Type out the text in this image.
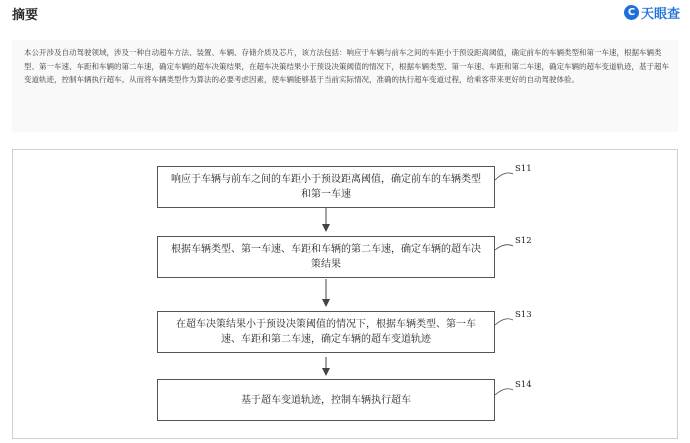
摘要	C 天眼查
本公开涉及自动驾驶领域，涉及一种自动超车方法、装置、车辆、存储介质及芯片，该方法包括：响应于车辆与前车之间的车距小于预设距离阈值，确定前车的车辆类型和第一车速，根据车辆类型、第一车速、车距和车辆的第二车速，确定车辆的超车决策结果，在超车决策结果小于预设决策阈值的情况下，根据车辆类型、第一车速、车距和第二车速，确定车辆的超车变道轨迹，基于超车变道轨迹，控制车辆执行超车。从而将车辆类型作为算法的必要考虑因素，使车辆能够基于当前实际情况，准确的执行超车变道过程，给乘客带来更好的自动驾驶体验。
响应于车辆与前车之间的车距小于预设距离阈值，确定前车的车辆类型和第一车速
S11
根据车辆类型、第一车速、车距和车辆的第二车速，确定车辆的超车决策结果
S12
在超车决策结果小于预设决策阈值的情况下，根据车辆类型、第一车速、车距和第二车速，确定车辆的超车变道轨迹
S13
基于超车变道轨迹，控制车辆执行超车
S14
